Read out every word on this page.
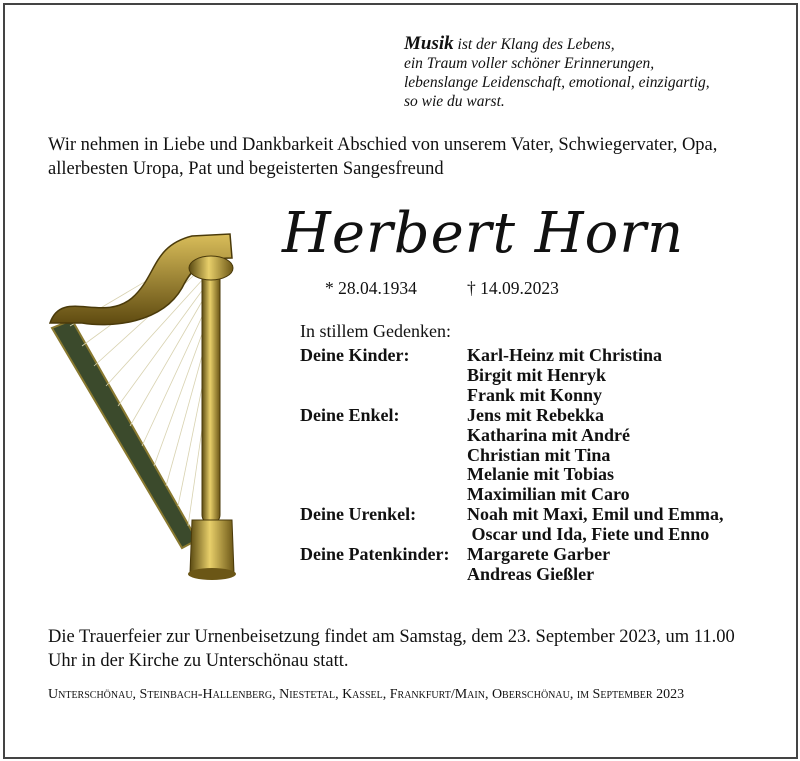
Musik ist der Klang des Lebens,
ein Traum voller schöner Erinnerungen,
lebenslange Leidenschaft, emotional, einzigartig,
so wie du warst.
Wir nehmen in Liebe und Dankbarkeit Abschied von unserem Vater, Schwiegervater, Opa, allerbesten Uropa, Pat und begeisterten Sangesfreund
Herbert Horn
* 28.04.1934	† 14.09.2023
In stillem Gedenken:
Deine Kinder:	Karl-Heinz mit Christina
Birgit mit Henryk
Frank mit Konny
Deine Enkel:	Jens mit Rebekka
Katharina mit André
Christian mit Tina
Melanie mit Tobias
Maximilian mit Caro
Deine Urenkel:	Noah mit Maxi, Emil und Emma,
Oscar und Ida, Fiete und Enno
Deine Patenkinder: Margarete Garber
Andreas Gießler
Die Trauerfeier zur Urnenbeisetzung findet am Samstag, dem 23. September 2023, um 11.00 Uhr in der Kirche zu Unterschönau statt.
Unterschönau, Steinbach-Hallenberg, Niestetal, Kassel, Frankfurt/Main, Oberschönau, im September 2023
